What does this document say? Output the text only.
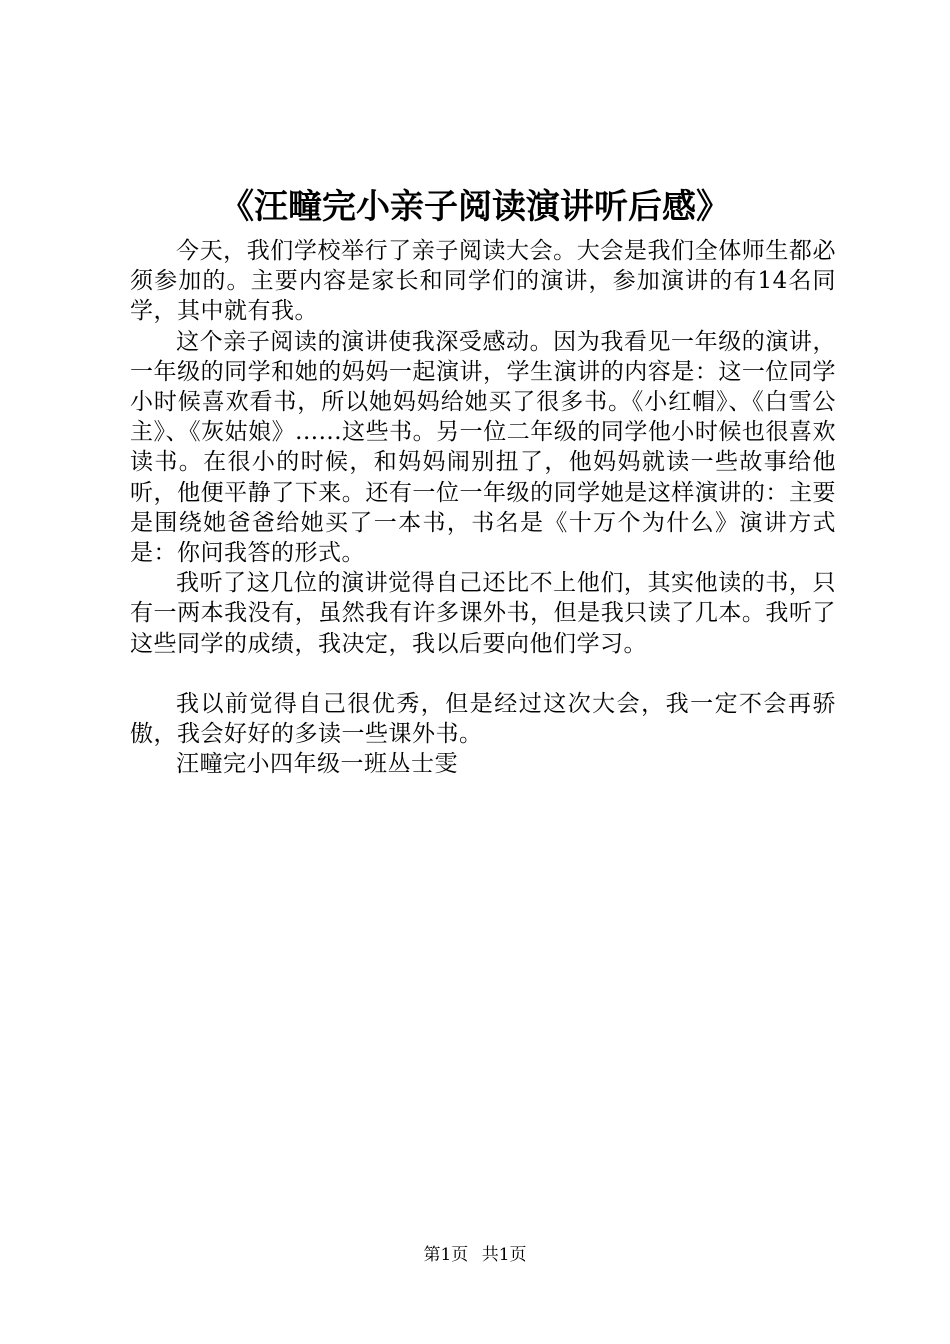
《汪疃完小亲子阅读演讲听后感》

今天，我们学校举行了亲子阅读大会。大会是我们全体师生都必须参加的。主要内容是家长和同学们的演讲，参加演讲的有14名同学，其中就有我。

这个亲子阅读的演讲使我深受感动。因为我看见一年级的演讲，一年级的同学和她的妈妈一起演讲，学生演讲的内容是：这一位同学小时候喜欢看书，所以她妈妈给她买了很多书。《小红帽》、《白雪公主》、《灰姑娘》......这些书。另一位二年级的同学他小时候也很喜欢读书。在很小的时候，和妈妈闹别扭了，他妈妈就读一些故事给他听，他便平静了下来。还有一位一年级的同学她是这样演讲的：主要是围绕她爸爸给她买了一本书，书名是《十万个为什么》演讲方式是：你问我答的形式。

我听了这几位的演讲觉得自己还比不上他们，其实他读的书，只有一两本我没有，虽然我有许多课外书，但是我只读了几本。我听了这些同学的成绩，我决定，我以后要向他们学习。

我以前觉得自己很优秀，但是经过这次大会，我一定不会再骄傲，我会好好的多读一些课外书。

汪疃完小四年级一班丛士雯

第1页 共1页
